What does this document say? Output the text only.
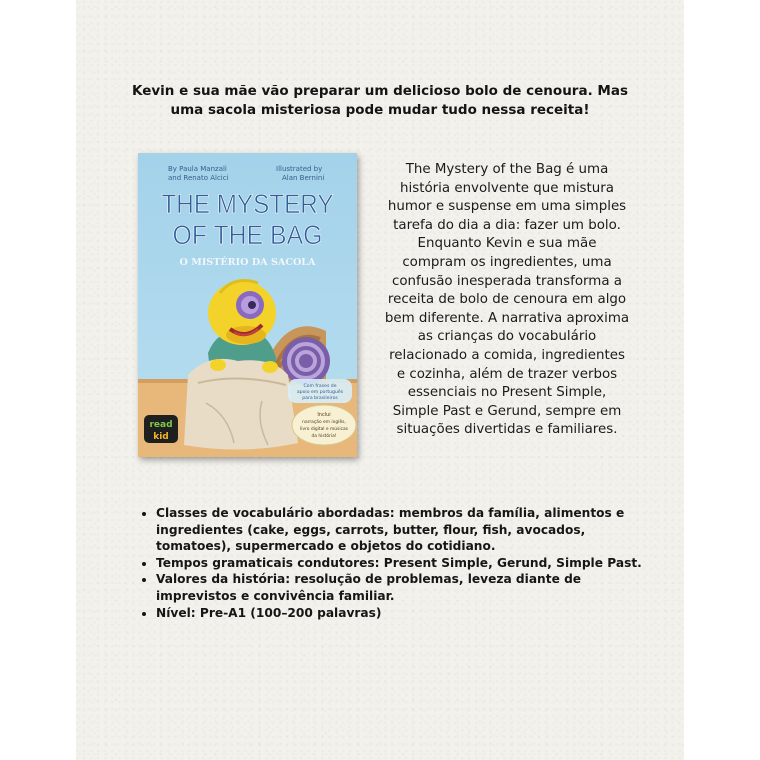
Kevin e sua mãe vão preparar um delicioso bolo de cenoura. Mas uma sacola misteriosa pode mudar tudo nessa receita!
By Paula Manzali
and Renato Alcici
Illustrated by
Alan Bernini
THE MYSTERY
OF THE BAG
O MISTÉRIO DA SACOLA
Com frases de
apoio em português
para brasileiros
Inclui
narração em inglês,
livro digital e músicas
da história!
read
kid
The Mystery of the Bag é uma história envolvente que mistura humor e suspense em uma simples tarefa do dia a dia: fazer um bolo. Enquanto Kevin e sua mãe compram os ingredientes, uma confusão inesperada transforma a receita de bolo de cenoura em algo bem diferente. A narrativa aproxima as crianças do vocabulário relacionado a comida, ingredientes e cozinha, além de trazer verbos essenciais no Present Simple, Simple Past e Gerund, sempre em situações divertidas e familiares.
• Classes de vocabulário abordadas: membros da família, alimentos e ingredientes (cake, eggs, carrots, butter, flour, fish, avocados, tomatoes), supermercado e objetos do cotidiano.
• Tempos gramaticais condutores: Present Simple, Gerund, Simple Past.
• Valores da história: resolução de problemas, leveza diante de imprevistos e convivência familiar.
• Nível: Pre-A1 (100–200 palavras)
